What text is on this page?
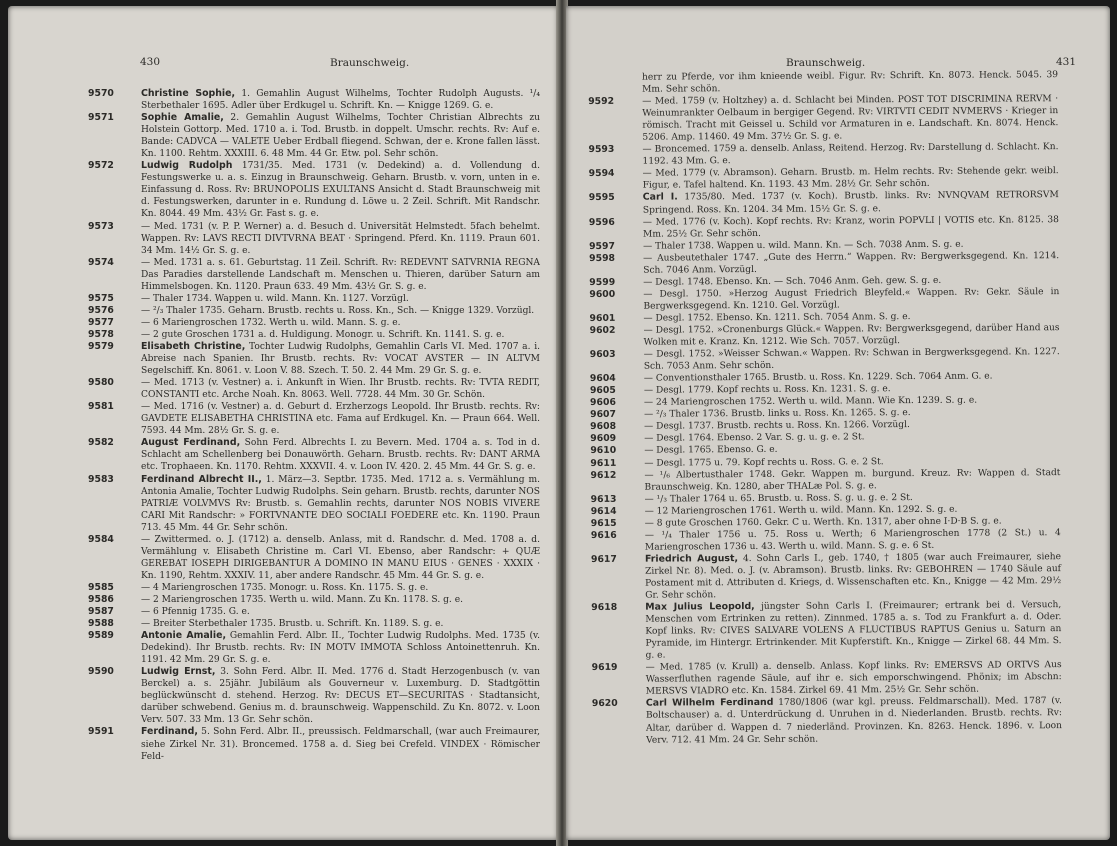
430	Braunschweig.

9570	Christine Sophie, 1. Gemahlin August Wilhelms, Tochter Rudolph Augusts. ¹/₄ Sterbethaler 1695. Adler über Erdkugel u. Schrift. Kn. — Knigge 1269. G. e.

9571	Sophie Amalie, 2. Gemahlin August Wilhelms, Tochter Christian Albrechts zu Holstein Gottorp. Med. 1710 a. i. Tod. Brustb. in doppelt. Umschr. rechts. Rv: Auf e. Bande: CADVCA — VALETE Ueber Erdball fliegend. Schwan, der e. Krone fallen lässt. Kn. 1100. Rehtm. XXXIII. 6. 48 Mm. 44 Gr. Etw. pol. Sehr schön.

9572	Ludwig Rudolph 1731/35. Med. 1731 (v. Dedekind) a. d. Vollendung d. Festungswerke u. a. s. Einzug in Braunschweig. Geharn. Brustb. v. vorn, unten in e. Einfassung d. Ross. Rv: BRUNOPOLIS EXULTANS Ansicht d. Stadt Braunschweig mit d. Festungswerken, darunter in e. Rundung d. Löwe u. 2 Zeil. Schrift. Mit Randschr. Kn. 8044. 49 Mm. 43½ Gr. Fast s. g. e.

9573	— Med. 1731 (v. P. P. Werner) a. d. Besuch d. Universität Helmstedt. 5fach behelmt. Wappen. Rv: LAVS RECTI DIVTVRNA BEAT · Springend. Pferd. Kn. 1119. Praun 601. 34 Mm. 14½ Gr. S. g. e.

9574	— Med. 1731 a. s. 61. Geburtstag. 11 Zeil. Schrift. Rv: REDEVNT SATVRNIA REGNA Das Paradies darstellende Landschaft m. Menschen u. Thieren, darüber Saturn am Himmelsbogen. Kn. 1120. Praun 633. 49 Mm. 43½ Gr. S. g. e.

9575	— Thaler 1734. Wappen u. wild. Mann. Kn. 1127. Vorzügl.

9576	— ²/₃ Thaler 1735. Geharn. Brustb. rechts u. Ross. Kn., Sch. — Knigge 1329. Vorzügl.

9577	— 6 Mariengroschen 1732. Werth u. wild. Mann. S. g. e.

9578	— 2 gute Groschen 1731 a. d. Huldigung. Monogr. u. Schrift. Kn. 1141. S. g. e.

9579	Elisabeth Christine, Tochter Ludwig Rudolphs, Gemahlin Carls VI. Med. 1707 a. i. Abreise nach Spanien. Ihr Brustb. rechts. Rv: VOCAT AVSTER — IN ALTVM Segelschiff. Kn. 8061. v. Loon V. 88. Szech. T. 50. 2. 44 Mm. 29 Gr. S. g. e.

9580	— Med. 1713 (v. Vestner) a. i. Ankunft in Wien. Ihr Brustb. rechts. Rv: TVTA REDIT, CONSTANTI etc. Arche Noah. Kn. 8063. Well. 7728. 44 Mm. 30 Gr. Schön.

9581	— Med. 1716 (v. Vestner) a. d. Geburt d. Erzherzogs Leopold. Ihr Brustb. rechts. Rv: GAVDETE ELISABETHA CHRISTINA etc. Fama auf Erdkugel. Kn. — Praun 664. Well. 7593. 44 Mm. 28½ Gr. S. g. e.

9582	August Ferdinand, Sohn Ferd. Albrechts I. zu Bevern. Med. 1704 a. s. Tod in d. Schlacht am Schellenberg bei Donauwörth. Geharn. Brustb. rechts. Rv: DANT ARMA etc. Trophaeen. Kn. 1170. Rehtm. XXXVII. 4. v. Loon IV. 420. 2. 45 Mm. 44 Gr. S. g. e.

9583	Ferdinand Albrecht II., 1. März—3. Septbr. 1735. Med. 1712 a. s. Vermählung m. Antonia Amalie, Tochter Ludwig Rudolphs. Sein geharn. Brustb. rechts, darunter NOS PATRIÆ VOLVMVS Rv: Brustb. s. Gemahlin rechts, darunter NOS NOBIS VIVERE CARI Mit Randschr: » FORTVNANTE DEO SOCIALI FOEDERE etc. Kn. 1190. Praun 713. 45 Mm. 44 Gr. Sehr schön.

9584	— Zwittermed. o. J. (1712) a. denselb. Anlass, mit d. Randschr. d. Med. 1708 a. d. Vermählung v. Elisabeth Christine m. Carl VI. Ebenso, aber Randschr: + QUÆ GEREBAT IOSEPH DIRIGEBANTUR A DOMINO IN MANU EIUS · GENES · XXXIX · Kn. 1190, Rehtm. XXXIV. 11, aber andere Randschr. 45 Mm. 44 Gr. S. g. e.

9585	— 4 Mariengroschen 1735. Monogr. u. Ross. Kn. 1175. S. g. e.

9586	— 2 Mariengroschen 1735. Werth u. wild. Mann. Zu Kn. 1178. S. g. e.

9587	— 6 Pfennig 1735. G. e.

9588	— Breiter Sterbethaler 1735. Brustb. u. Schrift. Kn. 1189. S. g. e.

9589	Antonie Amalie, Gemahlin Ferd. Albr. II., Tochter Ludwig Rudolphs. Med. 1735 (v. Dedekind). Ihr Brustb. rechts. Rv: IN MOTV IMMOTA Schloss Antoinettenruh. Kn. 1191. 42 Mm. 29 Gr. S. g. e.

9590	Ludwig Ernst, 3. Sohn Ferd. Albr. II. Med. 1776 d. Stadt Herzogenbusch (v. van Berckel) a. s. 25jähr. Jubiläum als Gouverneur v. Luxemburg. D. Stadtgöttin beglückwünscht d. stehend. Herzog. Rv: DECUS ET—SECURITAS · Stadtansicht, darüber schwebend. Genius m. d. braunschweig. Wappenschild. Zu Kn. 8072. v. Loon Verv. 507. 33 Mm. 13 Gr. Sehr schön.

9591	Ferdinand, 5. Sohn Ferd. Albr. II., preussisch. Feldmarschall, (war auch Freimaurer, siehe Zirkel Nr. 31). Broncemed. 1758 a. d. Sieg bei Crefeld. VINDEX · Römischer Feld-

Braunschweig.	431

herr zu Pferde, vor ihm knieende weibl. Figur. Rv: Schrift. Kn. 8073. Henck. 5045. 39 Mm. Sehr schön.

9592	— Med. 1759 (v. Holtzhey) a. d. Schlacht bei Minden. POST TOT DISCRIMINA RERVM · Weinumrankter Oelbaum in bergiger Gegend. Rv: VIRTVTI CEDIT NVMERVS · Krieger in römisch. Tracht mit Geissel u. Schild vor Armaturen in e. Landschaft. Kn. 8074. Henck. 5206. Amp. 11460. 49 Mm. 37½ Gr. S. g. e.

9593	— Broncemed. 1759 a. denselb. Anlass, Reitend. Herzog. Rv: Darstellung d. Schlacht. Kn. 1192. 43 Mm. G. e.

9594	— Med. 1779 (v. Abramson). Geharn. Brustb. m. Helm rechts. Rv: Stehende gekr. weibl. Figur, e. Tafel haltend. Kn. 1193. 43 Mm. 28½ Gr. Sehr schön.

9595	Carl I. 1735/80. Med. 1737 (v. Koch). Brustb. links. Rv: NVNQVAM RETRORSVM Springend. Ross. Kn. 1204. 34 Mm. 15½ Gr. S. g. e.

9596	— Med. 1776 (v. Koch). Kopf rechts. Rv: Kranz, worin POPVLI | VOTIS etc. Kn. 8125. 38 Mm. 25½ Gr. Sehr schön.

9597	— Thaler 1738. Wappen u. wild. Mann. Kn. — Sch. 7038 Anm. S. g. e.

9598	— Ausbeutethaler 1747. „Gute des Herrn.“ Wappen. Rv: Bergwerksgegend. Kn. 1214. Sch. 7046 Anm. Vorzügl.

9599	— Desgl. 1748. Ebenso. Kn. — Sch. 7046 Anm. Geh. gew. S. g. e.

9600	— Desgl. 1750. »Herzog August Friedrich Bleyfeld.« Wappen. Rv: Gekr. Säule in Bergwerksgegend. Kn. 1210. Gel. Vorzügl.

9601	— Desgl. 1752. Ebenso. Kn. 1211. Sch. 7054 Anm. S. g. e.

9602	— Desgl. 1752. »Cronenburgs Glück.« Wappen. Rv: Bergwerksgegend, darüber Hand aus Wolken mit e. Kranz. Kn. 1212. Wie Sch. 7057. Vorzügl.

9603	— Desgl. 1752. »Weisser Schwan.« Wappen. Rv: Schwan in Bergwerksgegend. Kn. 1227. Sch. 7053 Anm. Sehr schön.

9604	— Conventionsthaler 1765. Brustb. u. Ross. Kn. 1229. Sch. 7064 Anm. G. e.

9605	— Desgl. 1779. Kopf rechts u. Ross. Kn. 1231. S. g. e.

9606	— 24 Mariengroschen 1752. Werth u. wild. Mann. Wie Kn. 1239. S. g. e.

9607	— ²/₃ Thaler 1736. Brustb. links u. Ross. Kn. 1265. S. g. e.

9608	— Desgl. 1737. Brustb. rechts u. Ross. Kn. 1266. Vorzügl.

9609	— Desgl. 1764. Ebenso. 2 Var. S. g. u. g. e. 2 St.

9610	— Desgl. 1765. Ebenso. G. e.

9611	— Desgl. 1775 u. 79. Kopf rechts u. Ross. G. e. 2 St.

9612	— ¹/₆ Albertusthaler 1748. Gekr. Wappen m. burgund. Kreuz. Rv: Wappen d. Stadt Braunschweig. Kn. 1280, aber THALæ Pol. S. g. e.

9613	— ¹/₃ Thaler 1764 u. 65. Brustb. u. Ross. S. g. u. g. e. 2 St.

9614	— 12 Mariengroschen 1761. Werth u. wild. Mann. Kn. 1292. S. g. e.

9615	— 8 gute Groschen 1760. Gekr. C u. Werth. Kn. 1317, aber ohne I·D·B S. g. e.

9616	— ¹/₄ Thaler 1756 u. 75. Ross u. Werth; 6 Mariengroschen 1778 (2 St.) u. 4 Mariengroschen 1736 u. 43. Werth u. wild. Mann. S. g. e. 6 St.

9617	Friedrich August, 4. Sohn Carls I., geb. 1740, † 1805 (war auch Freimaurer, siehe Zirkel Nr. 8). Med. o. J. (v. Abramson). Brustb. links. Rv: GEBOHREN — 1740 Säule auf Postament mit d. Attributen d. Kriegs, d. Wissenschaften etc. Kn., Knigge — 42 Mm. 29½ Gr. Sehr schön.

9618	Max Julius Leopold, jüngster Sohn Carls I. (Freimaurer; ertrank bei d. Versuch, Menschen vom Ertrinken zu retten). Zinnmed. 1785 a. s. Tod zu Frankfurt a. d. Oder. Kopf links. Rv: CIVES SALVARE VOLENS A FLUCTIBUS RAPTUS Genius u. Saturn an Pyramide, im Hintergr. Ertrinkender. Mit Kupferstift. Kn., Knigge — Zirkel 68. 44 Mm. S. g. e.

9619	— Med. 1785 (v. Krull) a. denselb. Anlass. Kopf links. Rv: EMERSVS AD ORTVS Aus Wasserfluthen ragende Säule, auf ihr e. sich emporschwingend. Phönix; im Abschn: MERSVS VIADRO etc. Kn. 1584. Zirkel 69. 41 Mm. 25½ Gr. Sehr schön.

9620	Carl Wilhelm Ferdinand 1780/1806 (war kgl. preuss. Feldmarschall). Med. 1787 (v. Boltschauser) a. d. Unterdrückung d. Unruhen in d. Niederlanden. Brustb. rechts. Rv: Altar, darüber d. Wappen d. 7 niederländ. Provinzen. Kn. 8263. Henck. 1896. v. Loon Verv. 712. 41 Mm. 24 Gr. Sehr schön.
